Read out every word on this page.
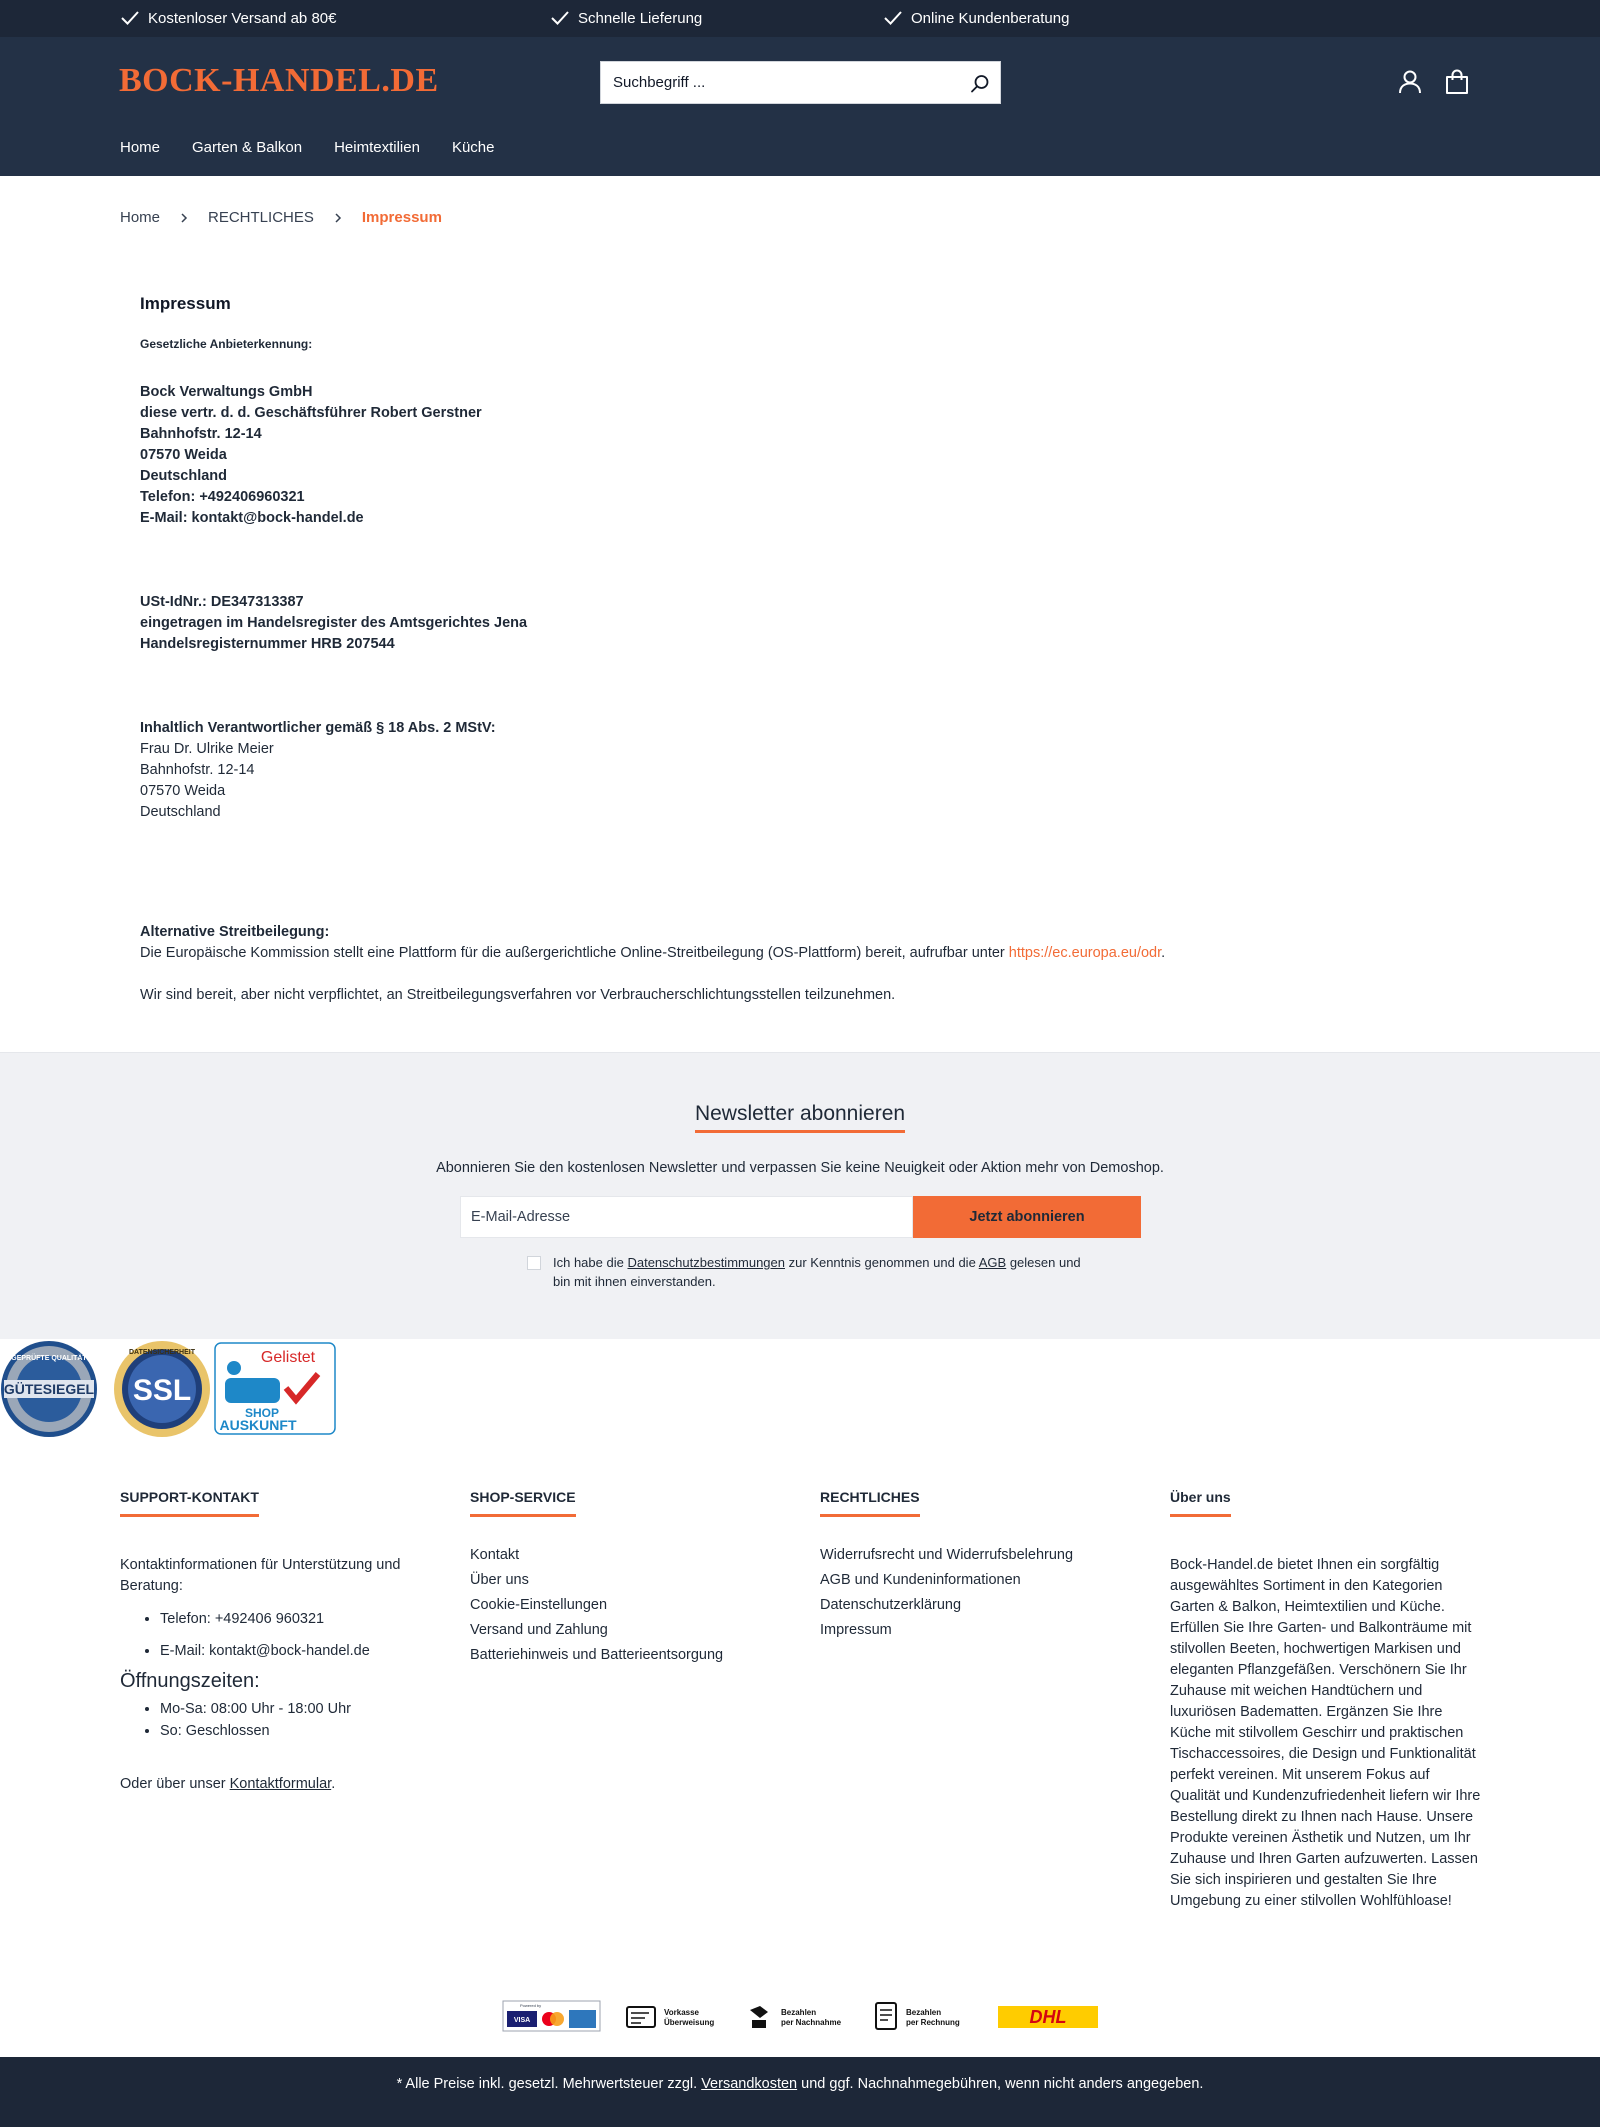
Kostenloser Versand ab 80€	Schnelle Lieferung	Online Kundenberatung
BOCK-HANDEL.DE
Suchbegriff ...
Home Garten & Balkon Heimtextilien Küche
Home	RECHTLICHES	Impressum
Impressum
Gesetzliche Anbieterkennung:
Bock Verwaltungs GmbH
diese vertr. d. d. Geschäftsführer Robert Gerstner
Bahnhofstr. 12-14
07570 Weida
Deutschland
Telefon: +492406960321
E-Mail: kontakt@bock-handel.de
USt-IdNr.: DE347313387
eingetragen im Handelsregister des Amtsgerichtes Jena
Handelsregisternummer HRB 207544
Inhaltlich Verantwortlicher gemäß § 18 Abs. 2 MStV:
Frau Dr. Ulrike Meier
Bahnhofstr. 12-14
07570 Weida
Deutschland
Alternative Streitbeilegung:
Die Europäische Kommission stellt eine Plattform für die außergerichtliche Online-Streitbeilegung (OS-Plattform) bereit, aufrufbar unter https://ec.europa.eu/odr.
Wir sind bereit, aber nicht verpflichtet, an Streitbeilegungsverfahren vor Verbraucherschlichtungsstellen teilzunehmen.
Newsletter abonnieren
Abonnieren Sie den kostenlosen Newsletter und verpassen Sie keine Neuigkeit oder Aktion mehr von Demoshop.
E-Mail-Adresse
Jetzt abonnieren
Ich habe die Datenschutzbestimmungen zur Kenntnis genommen und die AGB gelesen und bin mit ihnen einverstanden.
GEPRÜFTE QUALITÄT
GÜTESIEGEL
DATENSICHERHEIT
SSL
Gelistet
SHOP
AUSKUNFT
SUPPORT-KONTAKT
Kontaktinformationen für Unterstützung und Beratung:
• Telefon: +492406 960321
• E-Mail: kontakt@bock-handel.de
Öffnungszeiten:
• Mo-Sa: 08:00 Uhr - 18:00 Uhr
• So: Geschlossen
Oder über unser Kontaktformular.
SHOP-SERVICE
Kontakt
Über uns
Cookie-Einstellungen
Versand und Zahlung
Batteriehinweis und Batterieentsorgung
RECHTLICHES
Widerrufsrecht und Widerrufsbelehrung
AGB und Kundeninformationen
Datenschutzerklärung
Impressum
Über uns
Bock-Handel.de bietet Ihnen ein sorgfältig ausgewähltes Sortiment in den Kategorien Garten & Balkon, Heimtextilien und Küche. Erfüllen Sie Ihre Garten- und Balkonträume mit stilvollen Beeten, hochwertigen Markisen und eleganten Pflanzgefäßen. Verschönern Sie Ihr Zuhause mit weichen Handtüchern und luxuriösen Badematten. Ergänzen Sie Ihre Küche mit stilvollem Geschirr und praktischen Tischaccessoires, die Design und Funktionalität perfekt vereinen. Mit unserem Fokus auf Qualität und Kundenzufriedenheit liefern wir Ihre Bestellung direkt zu Ihnen nach Hause. Unsere Produkte vereinen Ästhetik und Nutzen, um Ihr Zuhause und Ihren Garten aufzuwerten. Lassen Sie sich inspirieren und gestalten Sie Ihre Umgebung zu einer stilvollen Wohlfühloase!
Powered by
VISA
Vorkasse
Überweisung
Bezahlen
per Nachnahme
Bezahlen
per Rechnung	DHL
* Alle Preise inkl. gesetzl. Mehrwertsteuer zzgl. Versandkosten und ggf. Nachnahmegebühren, wenn nicht anders angegeben.
